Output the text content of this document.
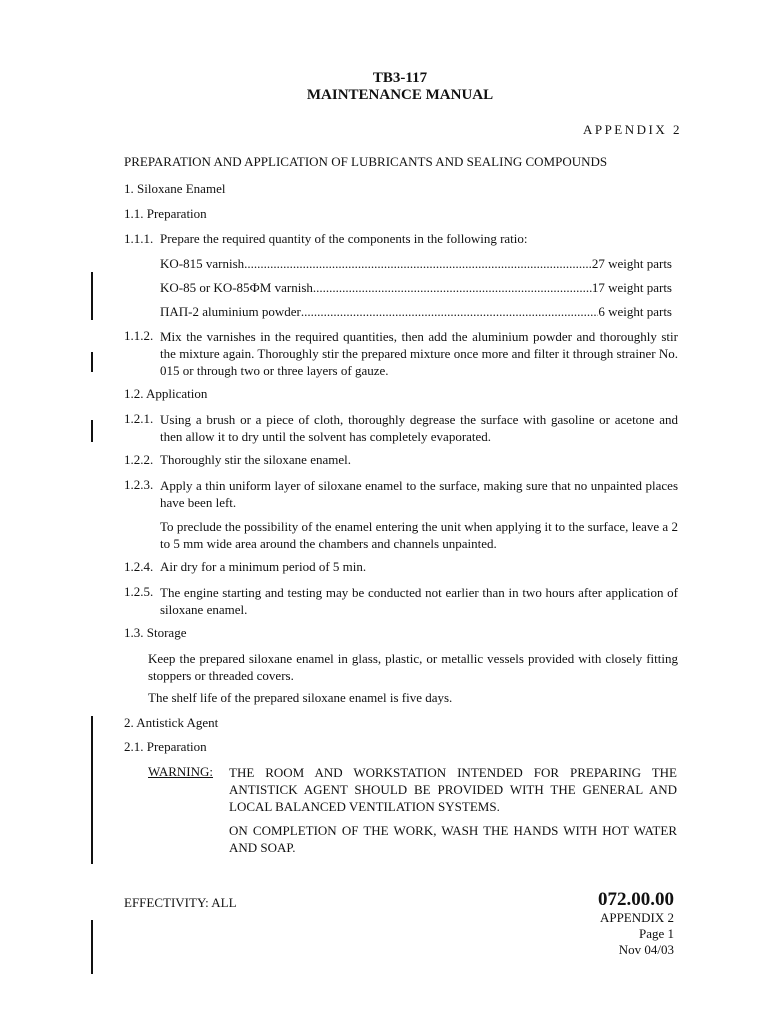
TB3-117
MAINTENANCE MANUAL
APPENDIX 2
PREPARATION AND APPLICATION OF LUBRICANTS AND SEALING COMPOUNDS
1. Siloxane Enamel
1.1. Preparation
1.1.1. Prepare the required quantity of the components in the following ratio:
KO-815 varnish .....	27 weight parts
KO-85 or KO-85ФМ varnish .....	17 weight parts
ПАП-2 aluminium powder .....	6 weight parts
1.1.2. Mix the varnishes in the required quantities, then add the aluminium powder and thoroughly stir the mixture again. Thoroughly stir the prepared mixture once more and filter it through strainer No. 015 or through two or three layers of gauze.
1.2. Application
1.2.1. Using a brush or a piece of cloth, thoroughly degrease the surface with gasoline or acetone and then allow it to dry until the solvent has completely evaporated.
1.2.2. Thoroughly stir the siloxane enamel.
1.2.3. Apply a thin uniform layer of siloxane enamel to the surface, making sure that no unpainted places have been left.
To preclude the possibility of the enamel entering the unit when applying it to the surface, leave a 2 to 5 mm wide area around the chambers and channels unpainted.
1.2.4. Air dry for a minimum period of 5 min.
1.2.5. The engine starting and testing may be conducted not earlier than in two hours after application of siloxane enamel.
1.3. Storage
Keep the prepared siloxane enamel in glass, plastic, or metallic vessels provided with closely fitting stoppers or threaded covers.
The shelf life of the prepared siloxane enamel is five days.
2. Antistick Agent
2.1. Preparation
WARNING: THE ROOM AND WORKSTATION INTENDED FOR PREPARING THE ANTISTICK AGENT SHOULD BE PROVIDED WITH THE GENERAL AND LOCAL BALANCED VENTILATION SYSTEMS.
ON COMPLETION OF THE WORK, WASH THE HANDS WITH HOT WATER AND SOAP.
EFFECTIVITY: ALL	072.00.00
APPENDIX 2
Page 1
Nov 04/03
